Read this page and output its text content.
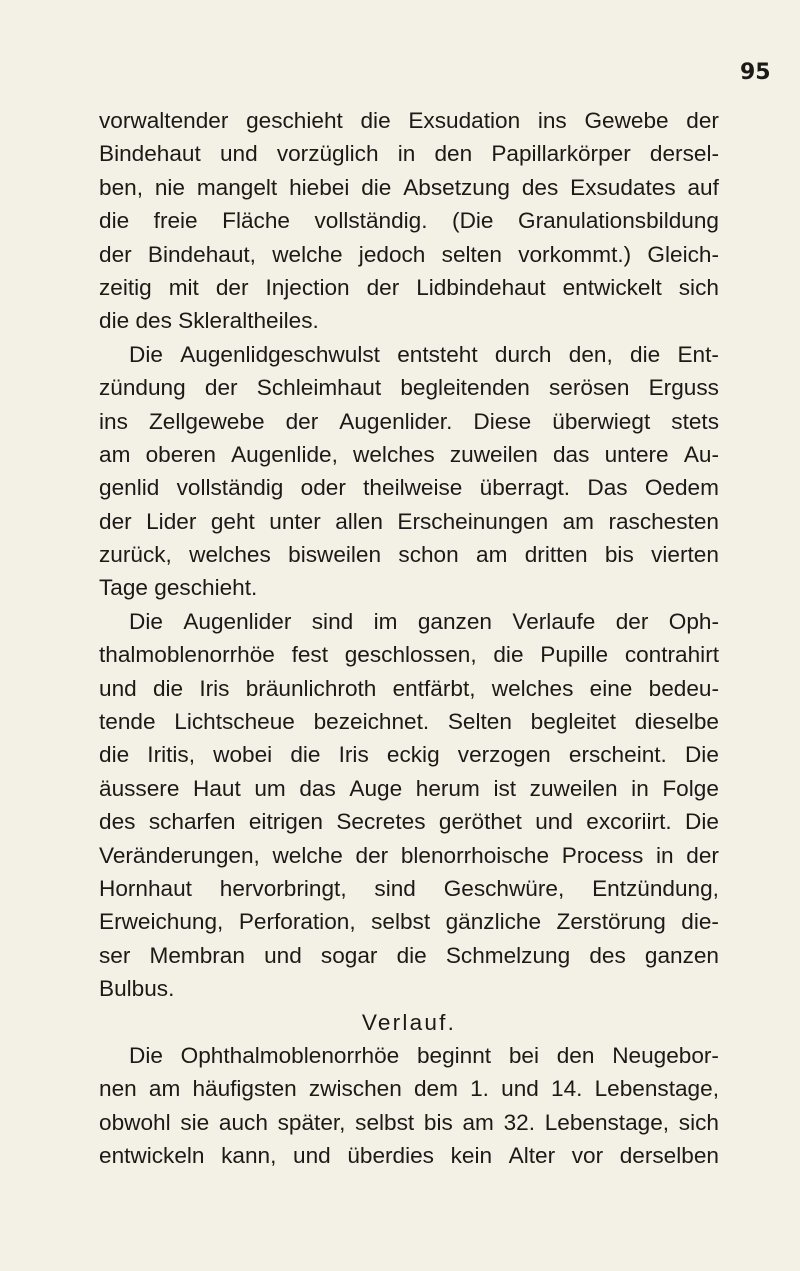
95
vorwaltender geschieht die Exsudation ins Gewebe der
Bindehaut und vorzüglich in den Papillarkörper dersel-
ben, nie mangelt hiebei die Absetzung des Exsudates auf
die freie Fläche vollständig. (Die Granulationsbildung
der Bindehaut, welche jedoch selten vorkommt.) Gleich-
zeitig mit der Injection der Lidbindehaut entwickelt sich
die
des
Skleraltheiles.
Die Augenlidgeschwulst entsteht durch den, die Ent-
zündung der Schleimhaut begleitenden serösen Erguss
ins Zellgewebe der Augenlider. Diese überwiegt stets
am oberen Augenlide, welches zuweilen das untere Au-
genlid vollständig oder theilweise überragt. Das Oedem
der Lider geht unter allen Erscheinungen am raschesten
zurück, welches bisweilen schon am dritten bis vierten
Tage
geschieht.
Die Augenlider sind im ganzen Verlaufe der Oph-
thalmoblenorrhöe fest geschlossen, die Pupille contrahirt
und die Iris bräunlichroth entfärbt, welches eine bedeu-
tende Lichtscheue bezeichnet. Selten begleitet dieselbe
die Iritis, wobei die Iris eckig verzogen erscheint. Die
äussere Haut um das Auge herum ist zuweilen in Folge
des scharfen eitrigen Secretes geröthet und excoriirt. Die
Veränderungen, welche der blenorrhoische Process in der
Hornhaut hervorbringt, sind Geschwüre, Entzündung,
Erweichung, Perforation, selbst gänzliche Zerstörung die-
ser Membran und sogar die Schmelzung des ganzen
Bulbus.
Verlauf.
Die Ophthalmoblenorrhöe beginnt bei den Neugebor-
nen am häufigsten zwischen dem 1. und 14. Lebenstage,
obwohl sie auch später, selbst bis am 32. Lebenstage, sich
entwickeln kann, und überdies kein Alter vor derselben
